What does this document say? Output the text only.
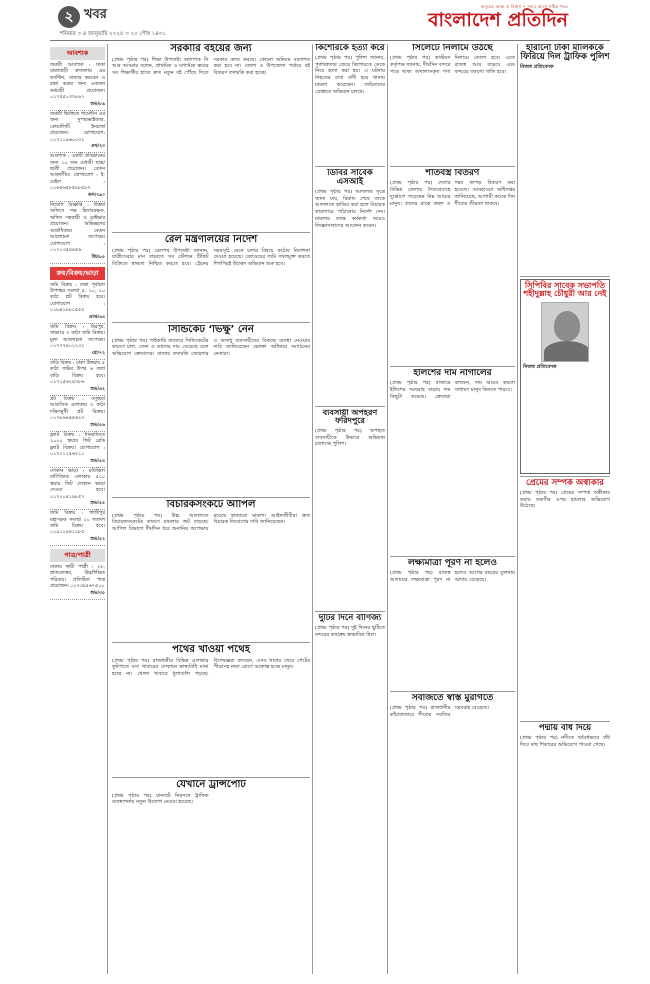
২ খবর
শনিবার ৩ ৪ জানুয়ারি ২০২৫ ৩ ২০ পৌষ ১৪৩১
মানুষের আস্থা ও বিশ্বাস • সবার আগে সঠিক খবর
বাংলাদেশ প্রতিদিন
আবশ্যক
জরুরী আবশ্যক : ঢাকা যাত্রাবাড়ী কাজলায় এর ক্যান্টিন, বাজার করবেন ও রান্না করার জন্য একজন কর্মচারী প্রয়োজন। ০১৭৫৫০৩৭৮৯৭
শুভ/৮৯
জরুরী ভিত্তিতে গার্মেন্টস এর জন্য সুপারভাইজার, কোয়ালিটি ইনচার্জ প্রয়োজন। যোগাযোগ: ০১৭১১৯৬০০৩১
প্রথ/২৩
আবশ্যক : একটি প্রতিষ্ঠানের জন্য ১০ জন মেধাবী ছাত্র/ছাত্রী প্রয়োজন। বেতন আকর্ষণীয়। যোগাযোগ : ই-মেইল : ০১৬৫৬৫৮৫৮৮৫৮৭
কল/৭৯০
নিয়োগ বিজ্ঞপ্তি : উত্তরা অফিসে দক্ষ হিসাবরক্ষক, অফিস সহকারী ও ড্রাইভার প্রয়োজন। অভিজ্ঞদের অগ্রাধিকার। বেতন আলোচনা সাপেক্ষে। যোগাযোগ : ০১৭১৩৫৪৪৫৬
উচ/৮৫
ক্রয়/বিক্রয়/ভাড়া
জমি বিক্রয় : ঢাকা পূর্বাচল উপশহর সংলগ্ন ৫, ১০, ২০ কাঠা প্লট বিক্রয় হবে। যোগাযোগ : ০১৮৪১৮৮০৫৫৫
প্রাপ্ত/৬৪
জমি বিক্রয় : মিরপুর, সাভারে ৩ কাঠা জমি বিক্রয়। মূল্য আলোচনা সাপেক্ষে। ০১৭৭৭৪০১২৩২
রো/৭২
বাড়ি বিক্রয় : ঢাকা উত্তরায় ৫ কাঠা জমির উপর ৬ তলা বাড়ি বিক্রয় হবে। ০১৭১৫৬২৪৩৮৬
শুভ/৬২
প্লট বিক্রয় : বসুন্ধরা আবাসিক এলাকায় ৩ কাঠা দক্ষিণমুখী প্লট বিক্রয়। ০১৭৮৬৪৪৫৬২৩
শুভ/৫৬
ফ্ল্যাট বিক্রয় : ধানমন্ডিতে ২০০০ স্কয়ার ফিট রেডি ফ্ল্যাট বিক্রয়। যোগাযোগ : ০১৭১১২৫৬৭২১
শুভ/৫৪
দোকান ভাড়া : মতিঝিল বাণিজ্যিক এলাকায় ৫০০ স্কয়ার ফিট দোকান ভাড়া দেওয়া হবে। ০১৭০০৪১৯৮৫৭
শুভ/৫৫
জমি বিক্রয় : গাজীপুর মহাসড়ক সংলগ্ন ২০ শতাংশ জমি বিক্রয় হবে। ০১৯১২৪৪১২৮৫
শুভ/৫২
পাত্র/পাত্রী
ঢাকায় স্থায়ী পাত্রী : ২৮, স্নাতকোত্তর, উচ্চশিক্ষিত পরিবার। প্রতিষ্ঠিত পাত্র প্রয়োজন। ০১৭৩৪৫৬৭৫০০
শুভ/৩৫
সরকারি বইয়ের জন্য
(প্রথম পৃষ্ঠার পর) শিক্ষা উপদেষ্টা অধ্যাপক সি আর আবরার বলেন, প্রাথমিক ও মাধ্যমিক স্তরের সব শিক্ষার্থীর হাতে দ্রুত নতুন বই পৌঁছে দিতে সরকার কাজ করছে। কোনো অনিয়ম বরদাশত করা হবে না। জেলা ও উপজেলা পর্যায়ে বই বিতরণ তদারকি করা হচ্ছে।
রেল মন্ত্রণালয়ের নির্দেশ
(প্রথম পৃষ্ঠার পর) রেলপথ উপদেষ্টা জানান, যাত্রীসেবার মান বাড়াতে সব স্টেশনে টিকিট বিক্রিতে স্বচ্ছতা নিশ্চিত করতে হবে। ট্রেনের সময়সূচি মেনে চলার বিষয়ে কঠোর নির্দেশনা দেওয়া হয়েছে। রেলওয়ের জমি দখলমুক্ত করতে শিগগিরই উচ্ছেদ অভিযান শুরু হবে।
সিন্ডিকেট ‘ভিক্ষু’ নেন
(প্রথম পৃষ্ঠার পর) পাইকারি বাজারে সিন্ডিকেটের কারণে চাল, তেল ও ডালের দাম বেড়েছে বলে অভিযোগ ক্রেতাদের। বাজার তদারকি জোরদার ও অসাধু ব্যবসায়ীদের বিরুদ্ধে ব্যবস্থা নেওয়ার দাবি জানিয়েছেন ভোক্তা অধিকার সংগঠনের নেতারা।
বিচারকসংকটে আপিল
(প্রথম পৃষ্ঠার পর) উচ্চ আদালতে বিচারকসংকটের কারণে মামলার জট বাড়ছে। আপিল বিভাগে দীর্ঘদিন ধরে শুনানির অপেক্ষায় রয়েছে হাজারো মামলা। আইনজীবীরা দ্রুত বিচারক নিয়োগের দাবি জানিয়েছেন।
পথের খাওয়া পথেই
(প্রথম পৃষ্ঠার পর) রাজধানীর বিভিন্ন এলাকার ফুটপাতে বসা খাবারের দোকানে স্বাস্থ্যবিধি মানা হচ্ছে না। খোলা খাবারে ধুলাবালি পড়ছে। বিশেষজ্ঞরা বলছেন, এসব খাবার খেয়ে পেটের পীড়াসহ নানা রোগে আক্রান্ত হচ্ছে মানুষ।
যেখানে ট্রান্সপোর্ট
(প্রথম পৃষ্ঠার পর) যানজট নিরসনে ট্রাফিক ব্যবস্থাপনায় নতুন উদ্যোগ নেওয়া হয়েছে।
কিশোরকে হত্যা করে
(প্রথম পৃষ্ঠার পর) পুলিশ জানায়, পূর্বশত্রুতার জেরে কিশোরকে ডেকে নিয়ে হত্যা করা হয়। এ ঘটনায় নিহতের বাবা বাদী হয়ে থানায় মামলা করেছেন। জড়িতদের গ্রেপ্তারে অভিযান চলছে।
ডিবির সাবেক এসআই
(প্রথম পৃষ্ঠার পর) আদালত সূত্রে জানা যায়, রিমান্ড শেষে তাকে আদালতে হাজির করা হলে বিচারক কারাগারে পাঠানোর নির্দেশ দেন। মামলার তদন্ত কর্মকর্তা আরও জিজ্ঞাসাবাদের আবেদন করেন।
ব্যবসায়ী অপহরণ ফরিদপুরে
(প্রথম পৃষ্ঠার পর) অপহৃত ব্যবসায়ীকে উদ্ধারে অভিযান চালাচ্ছে পুলিশ।
দুটির দিনে বাণিজ্য
(প্রথম পৃষ্ঠার পর) দুই দিনের ছুটিতে বন্দরের কার্যক্রম স্বাভাবিক ছিল।
সিলেটে নিলামে উঠছে
(প্রথম পৃষ্ঠার পর) কাস্টমস কর্তৃপক্ষ জানায়, দীর্ঘদিন বন্দরে পড়ে থাকা অখালাসকৃত পণ্য নিলামে তোলা হবে। এতে রাজস্ব আয় বাড়বে এবং বন্দরের জায়গা খালি হবে।
শীতবস্ত্র বিতরণ
(প্রথম পৃষ্ঠার পর) দেশের বিভিন্ন জেলায় শৈত্যপ্রবাহে দুর্ভোগে পড়েছেন নিম্ন আয়ের মানুষ। তাদের মাঝে কম্বল ও গরম কাপড় বিতরণ করা হয়েছে। আবহাওয়া অধিদপ্তর জানিয়েছে, আগামী কয়েক দিন শীতের তীব্রতা থাকবে।
ইলিশের দাম নাগালের
(প্রথম পৃষ্ঠার পর) বাজারে ইলিশের সরবরাহ বাড়ায় দাম কিছুটা কমেছে। ক্রেতারা বলছেন, দাম আরও কমলে সাধারণ মানুষ কিনতে পারবে।
লক্ষ্যমাত্রা পূরণ না হলেও
(প্রথম পৃষ্ঠার পর) রাজস্ব আদায়ের লক্ষ্যমাত্রা পূরণ না হলেও আগের বছরের তুলনায় আদায় বেড়েছে।
সবজিতে স্বস্তি মুরগিতে
(প্রথম পৃষ্ঠার পর) রাজধানীর কাঁচাবাজারে শীতের সবজির সরবরাহ বেড়েছে।
হারানো টাকা মালিককে ফিরিয়ে দিল ট্রাফিক পুলিশ
নিজস্ব প্রতিবেদক
সিপিবির সাবেক সভাপতি শহীদুল্লাহ চৌধুরী আর নেই
নিজস্ব প্রতিবেদক
প্রেমের সম্পর্ক অস্বীকার
(প্রথম পৃষ্ঠার পর) প্রেমের সম্পর্ক অস্বীকার করায় তরুণীর ওপর হামলার অভিযোগ উঠেছে।
পদ্মায় বাঁধ দিয়ে
(প্রথম পৃষ্ঠার পর) নদীতে অবৈধভাবে বাঁধ দিয়ে মাছ শিকারের অভিযোগ পাওয়া গেছে।
